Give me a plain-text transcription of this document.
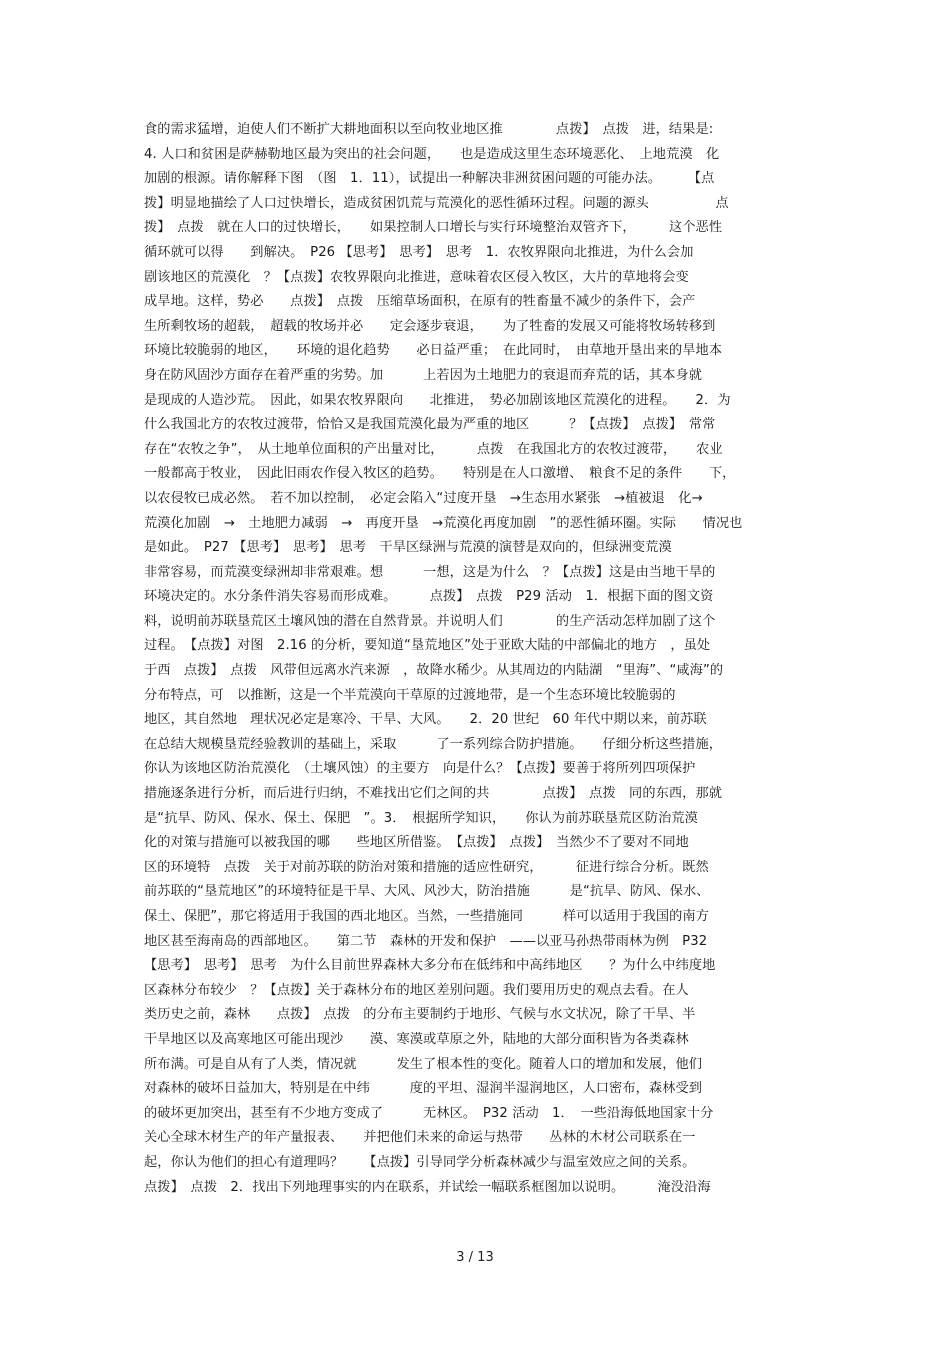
食的需求猛增，迫使人们不断扩大耕地面积以至向牧业地区推　　　　点拨】　点拨　进，结果是:
4. 人口和贫困是萨赫勒地区最为突出的社会问题，　　也是造成这里生态环境恶化、　上地荒漠　化
加剧的根源。请你解释下图　（图　1．11），试提出一种解决非洲贫困问题的可能办法。　　　【点
拨】明显地描绘了人口过快增长，造成贫困饥荒与荒漠化的恶性循环过程。问题的源头　　　　　点
拨】　点拨　就在人口的过快增长，　　如果控制人口增长与实行环境整治双管齐下，　　　这个恶性
循环就可以得　　到解决。　P26 【思考】　思考】　思考　1．农牧界限向北推进，为什么会加
剧该地区的荒漠化　？【点拨】农牧界限向北推进，意味着农区侵入牧区，大片的草地将会变
成旱地。这样，势必　　点拨】　点拨　压缩草场面积，在原有的牲畜量不减少的条件下，会产
生所剩牧场的超载，　超载的牧场并必　　定会逐步衰退，　　为了牲畜的发展又可能将牧场转移到
环境比较脆弱的地区，　　环境的退化趋势　　必日益严重；　在此同时，　由草地开垦出来的旱地本
身在防风固沙方面存在着严重的劣势。加　　　上若因为土地肥力的衰退而弃荒的话，其本身就
是现成的人造沙荒。　因此，如果农牧界限向　　北推进，　势必加剧该地区荒漠化的进程。　　2．为
什么我国北方的农牧过渡带，恰恰又是我国荒漠化最为严重的地区　　　？【点拨】　点拨】　常常
存在“农牧之争”，　从土地单位面积的产出量对比，　　　点拨　在我国北方的农牧过渡带，　　农业
一般都高于牧业，　因此旧雨农作侵入牧区的趋势。　　特别是在人口激增、　粮食不足的条件　　下，
以农侵牧已成必然。　若不加以控制，　必定会陷入“过度开垦　→生态用水紧张　→植被退　化→
荒漠化加剧　→　土地肥力减弱　→　再度开垦　→荒漠化再度加剧　”的恶性循环圈。实际　　情况也
是如此。　P27 【思考】　思考】　思考　干旱区绿洲与荒漠的演替是双向的，但绿洲变荒漠
非常容易，而荒漠变绿洲却非常艰难。想　　　一想，这是为什么　？【点拨】这是由当地干旱的
环境决定的。水分条件消失容易而形成难。　　　点拨】　点拨　P29 活动　1．根据下面的图文资
料，说明前苏联垦荒区土壤风蚀的潜在自然背景。并说明人们　　　　的生产活动怎样加剧了这个
过程。　【点拨】对图　2.16 的分析，要知道“垦荒地区”处于亚欧大陆的中部偏北的地方　，虽处
于西　点拨】　点拨　风带但远离水汽来源　，故降水稀少。从其周边的内陆湖　“里海”、“咸海”的
分布特点，可　以推断，这是一个半荒漠向干草原的过渡地带，是一个生态环境比较脆弱的
地区，其自然地　理状况必定是寒冷、干旱、大风。　　2．20 世纪　60 年代中期以来，前苏联
在总结大规模垦荒经验教训的基础上，采取　　　了一系列综合防护措施。　　仔细分析这些措施，
你认为该地区防治荒漠化　（土壤风蚀）的主要方　向是什么？【点拨】要善于将所列四项保护
措施逐条进行分析，而后进行归纳，不难找出它们之间的共　　　　点拨】　点拨　同的东西，那就
是“抗旱、防风、保水、保土、保肥　”。3．　根据所学知识，　　你认为前苏联垦荒区防治荒漠
化的对策与措施可以被我国的哪　　些地区所借鉴。　【点拨】　点拨】　当然少不了要对不同地
区的环境特　点拨　关于对前苏联的防治对策和措施的适应性研究，　　　征进行综合分析。既然
前苏联的“垦荒地区”的环境特征是干旱、大风、风沙大，防治措施　　　是“抗旱、防风、保水、
保土、保肥”，那它将适用于我国的西北地区。当然，一些措施同　　　样可以适用于我国的南方
地区甚至海南岛的西部地区。　　第二节　森林的开发和保护　——以亚马孙热带雨林为例　P32
【思考】　思考】　思考　为什么目前世界森林大多分布在低纬和中高纬地区　　？为什么中纬度地
区森林分布较少　？【点拨】关于森林分布的地区差别问题。我们要用历史的观点去看。在人
类历史之前，森林　　点拨】　点拨　的分布主要制约于地形、气候与水文状况，除了干旱、半
干旱地区以及高寒地区可能出现沙　　漠、寒漠或草原之外，陆地的大部分面积皆为各类森林
所布满。可是自从有了人类，情况就　　　发生了根本性的变化。随着人口的增加和发展，他们
对森林的破坏日益加大，特别是在中纬　　　度的平坦、湿润半湿润地区，人口密布，森林受到
的破坏更加突出，甚至有不少地方变成了　　　无林区。　P32 活动　1．　一些沿海低地国家十分
关心全球木材生产的年产量报表、　　并把他们未来的命运与热带　　丛林的木材公司联系在一
起，你认为他们的担心有道理吗？　　【点拨】引导同学分析森林减少与温室效应之间的关系。
点拨】　点拨　2．找出下列地理事实的内在联系，并试绘一幅联系框图加以说明。　　　淹没沿海
3 / 13
